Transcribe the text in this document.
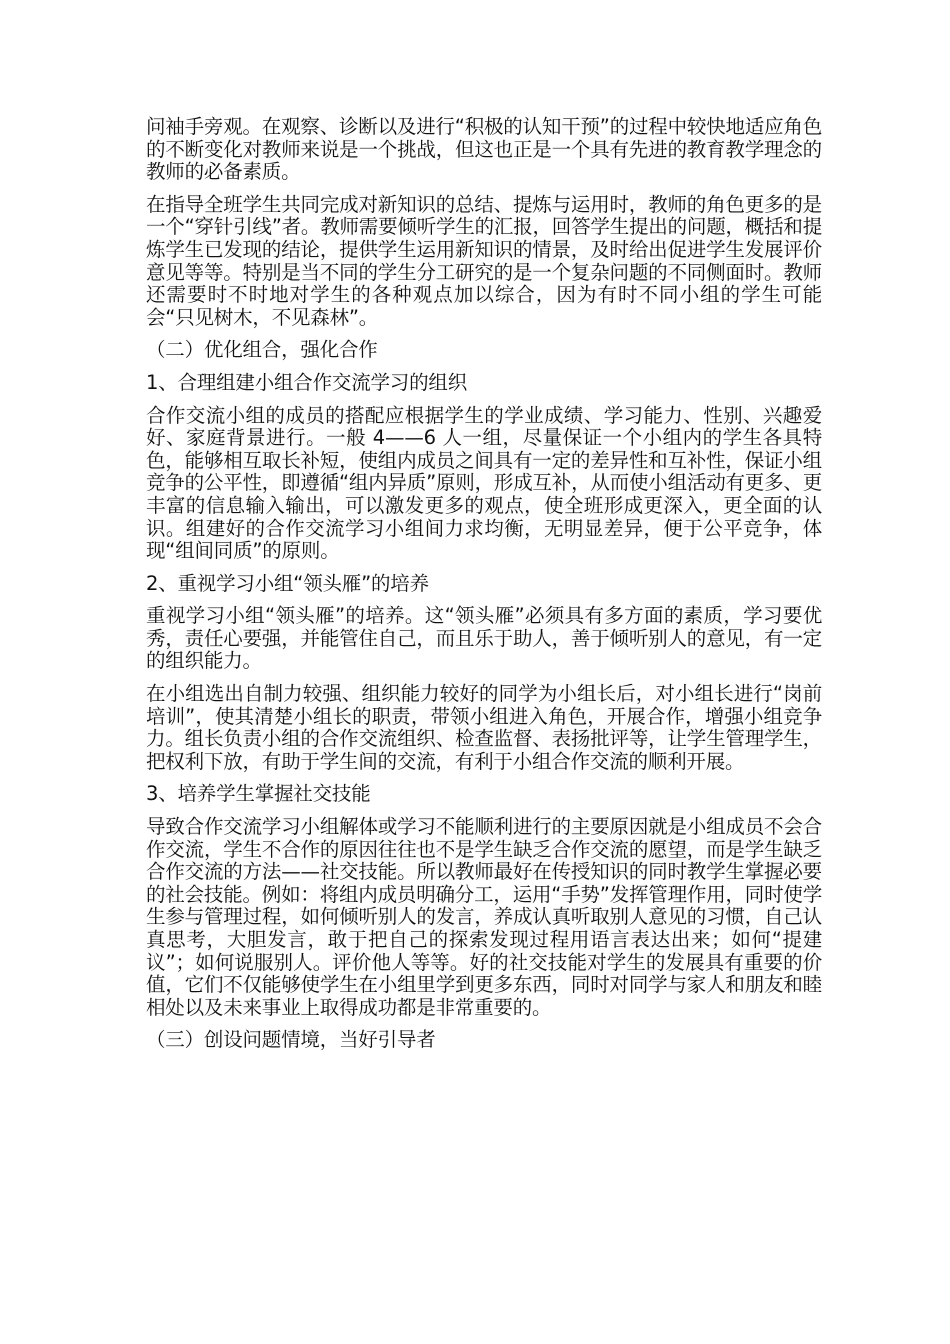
问袖手旁观。在观察、诊断以及进行“积极的认知干预”的过程中较快地适应角色的不断变化对教师来说是一个挑战，但这也正是一个具有先进的教育教学理念的教师的必备素质。

在指导全班学生共同完成对新知识的总结、提炼与运用时，教师的角色更多的是一个“穿针引线”者。教师需要倾听学生的汇报，回答学生提出的问题，概括和提炼学生已发现的结论，提供学生运用新知识的情景，及时给出促进学生发展评价意见等等。特别是当不同的学生分工研究的是一个复杂问题的不同侧面时。教师还需要时不时地对学生的各种观点加以综合，因为有时不同小组的学生可能会“只见树木，不见森林”。

（二）优化组合，强化合作

1、合理组建小组合作交流学习的组织

合作交流小组的成员的搭配应根据学生的学业成绩、学习能力、性别、兴趣爱好、家庭背景进行。一般 4——6 人一组，尽量保证一个小组内的学生各具特色，能够相互取长补短，使组内成员之间具有一定的差异性和互补性，保证小组竞争的公平性，即遵循“组内异质”原则，形成互补，从而使小组活动有更多、更丰富的信息输入输出，可以激发更多的观点，使全班形成更深入，更全面的认识。组建好的合作交流学习小组间力求均衡，无明显差异，便于公平竞争，体现“组间同质”的原则。

2、重视学习小组“领头雁”的培养

重视学习小组“领头雁”的培养。这“领头雁”必须具有多方面的素质，学习要优秀，责任心要强，并能管住自己，而且乐于助人，善于倾听别人的意见，有一定的组织能力。

在小组选出自制力较强、组织能力较好的同学为小组长后，对小组长进行“岗前培训”，使其清楚小组长的职责，带领小组进入角色，开展合作，增强小组竞争力。组长负责小组的合作交流组织、检查监督、表扬批评等，让学生管理学生，把权利下放，有助于学生间的交流，有利于小组合作交流的顺利开展。

3、培养学生掌握社交技能

导致合作交流学习小组解体或学习不能顺利进行的主要原因就是小组成员不会合作交流，学生不合作的原因往往也不是学生缺乏合作交流的愿望，而是学生缺乏合作交流的方法——社交技能。所以教师最好在传授知识的同时教学生掌握必要的社会技能。例如：将组内成员明确分工，运用“手势”发挥管理作用，同时使学生参与管理过程，如何倾听别人的发言，养成认真听取别人意见的习惯，自己认真思考，大胆发言，敢于把自己的探索发现过程用语言表达出来；如何“提建议”；如何说服别人。评价他人等等。好的社交技能对学生的发展具有重要的价值，它们不仅能够使学生在小组里学到更多东西，同时对同学与家人和朋友和睦相处以及未来事业上取得成功都是非常重要的。

（三）创设问题情境，当好引导者
